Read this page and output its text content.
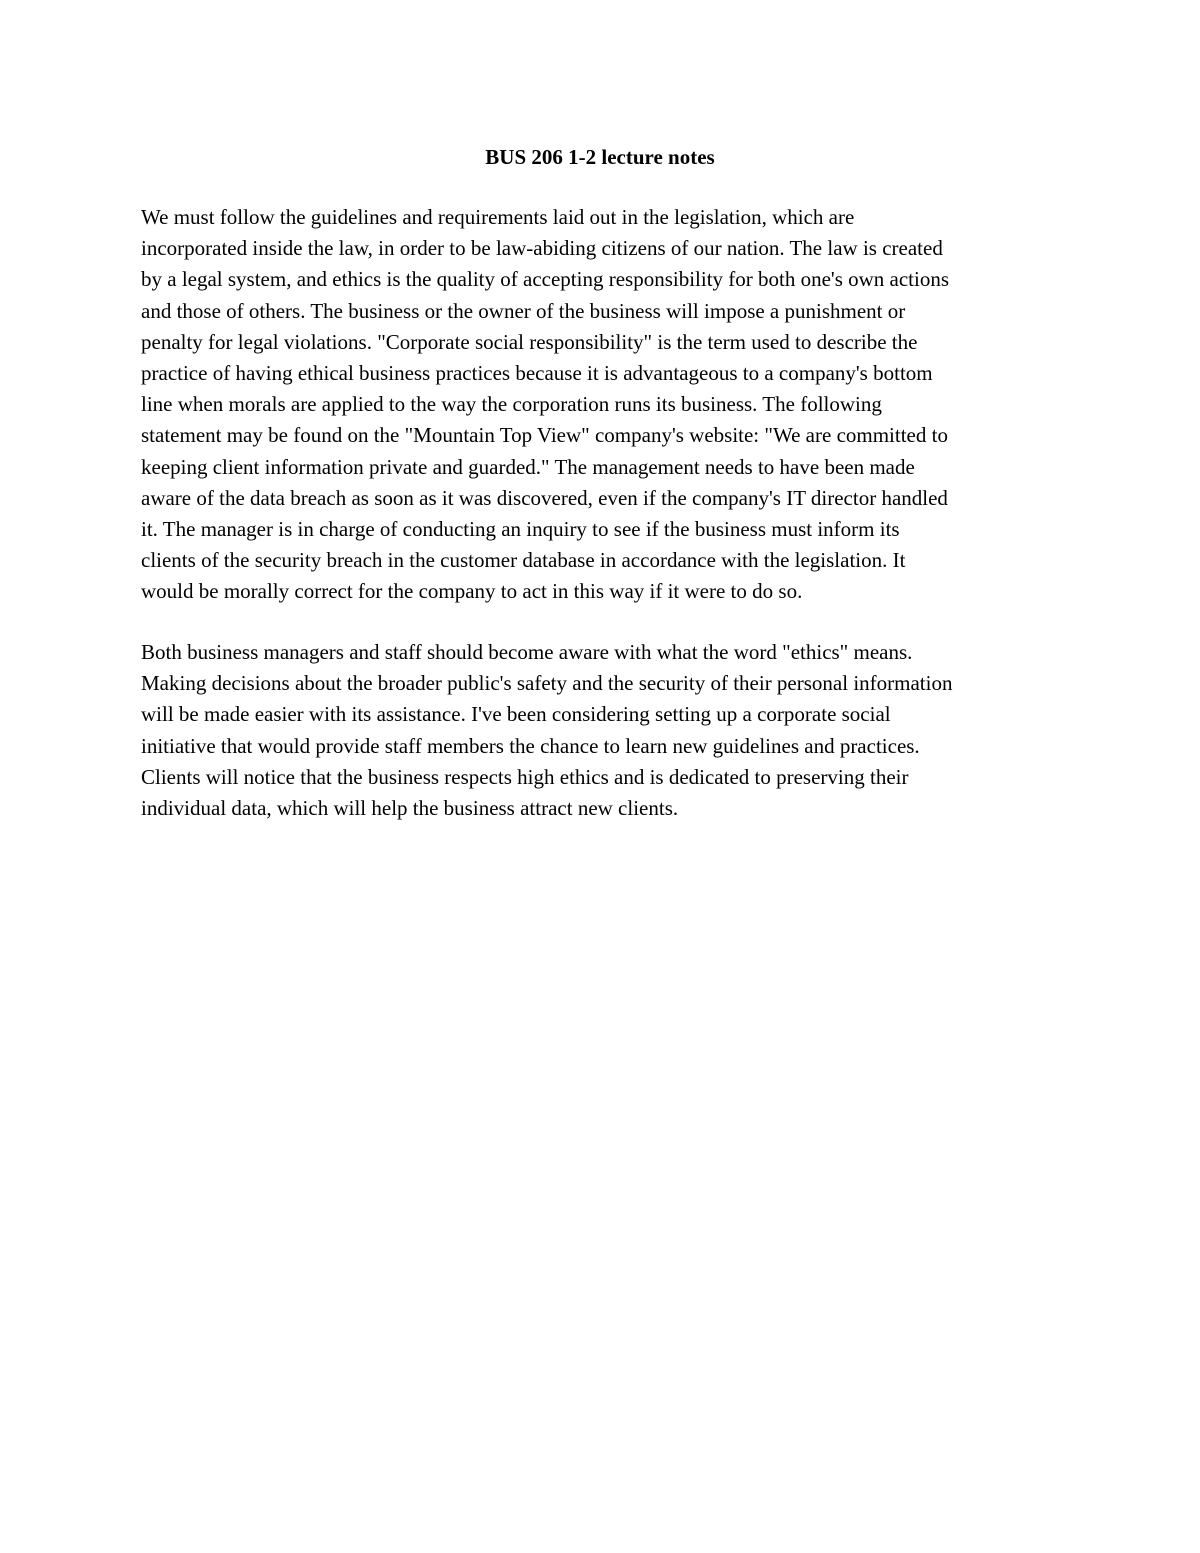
BUS 206 1-2 lecture notes

We must follow the guidelines and requirements laid out in the legislation, which are
incorporated inside the law, in order to be law-abiding citizens of our nation. The law is created
by a legal system, and ethics is the quality of accepting responsibility for both one's own actions
and those of others. The business or the owner of the business will impose a punishment or
penalty for legal violations. "Corporate social responsibility" is the term used to describe the
practice of having ethical business practices because it is advantageous to a company's bottom
line when morals are applied to the way the corporation runs its business. The following
statement may be found on the "Mountain Top View" company's website: "We are committed to
keeping client information private and guarded." The management needs to have been made
aware of the data breach as soon as it was discovered, even if the company's IT director handled
it. The manager is in charge of conducting an inquiry to see if the business must inform its
clients of the security breach in the customer database in accordance with the legislation. It
would be morally correct for the company to act in this way if it were to do so.

Both business managers and staff should become aware with what the word "ethics" means.
Making decisions about the broader public's safety and the security of their personal information
will be made easier with its assistance. I've been considering setting up a corporate social
initiative that would provide staff members the chance to learn new guidelines and practices.
Clients will notice that the business respects high ethics and is dedicated to preserving their
individual data, which will help the business attract new clients.
